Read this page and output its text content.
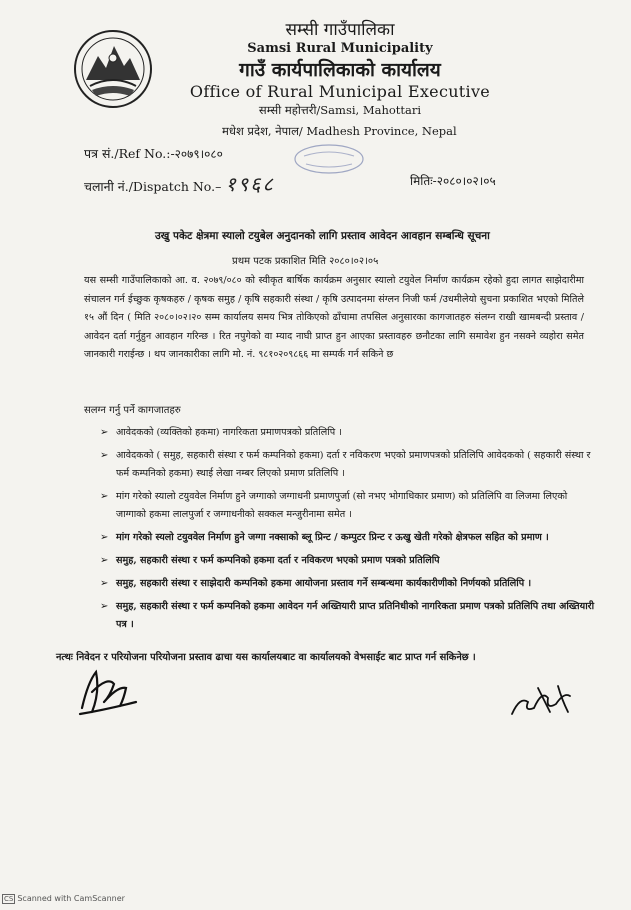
सम्सी गाउँपालिका
Samsi Rural Municipality
गाउँ कार्यपालिकाको कार्यालय
Office of Rural Municipal Executive
सम्सी महोत्तरी/Samsi, Mahottari
मधेश प्रदेश, नेपाल/ Madhesh Province, Nepal
पत्र सं./Ref No.:-२०७९।०८०
चलानी नं./Dispatch No.– १९६८	मितिः-२०८०।०२।०५
उखु पकेट क्षेत्रमा स्यालो टयुबेल अनुदानको लागि प्रस्ताव आवेदन आवहान सम्बन्धि सूचना
प्रथम पटक प्रकाशित मिति २०८०।०२।०५
यस सम्सी गाउँपालिकाको आ. व. २०७९/०८० को स्वीकृत बार्षिक कार्यक्रम अनुसार स्यालो टयुवेल निर्माण कार्यक्रम रहेको हुदा लागत साझेदारीमा संचालन गर्न ईच्छुक कृषकहरु / कृषक समुह / कृषि सहकारी संस्था / कृषि उत्पादनमा संग्लन निजी फर्म /उधमीलेयो सुचना प्रकाशित भएको मितिले १५ औं दिन ( मिति २०८०।०२।२० सम्म कार्यालय समय भित्र तोकिएको ढाँचामा तपसिल अनुसारका कागजातहरु संलग्न राखी खामबन्दी प्रस्ताव / आवेदन दर्ता गर्नुहुन आवहान गरिन्छ । रित नपुगेको वा म्याद नाघी प्राप्त हुन आएका प्रस्तावहरु छनौटका लागि समावेश हुन नसक्ने व्यहोरा समेत जानकारी गराईन्छ । थप जानकारीका लागि मो. नं. ९८१०२०९८६६ मा सम्पर्क गर्न सकिने छ
सलग्न गर्नु पर्ने कागजातहरु
➢ आवेदकको (व्यक्तिको हकमा) नागरिकता प्रमाणपत्रको प्रतिलिपि ।
➢ आवेदकको ( समुह, सहकारी संस्था र फर्म कम्पनिको हकमा) दर्ता र नविकरण भएको प्रमाणपत्रको प्रतिलिपि आवेदकको ( सहकारी संस्था र फर्म कम्पनिको हकमा) स्थाई लेखा नम्बर लिएको प्रमाण प्रतिलिपि ।
➢ मांग गरेको स्यालो टयुववेल निर्माण हुने जग्गाको जग्गाधनी प्रमाणपुर्जा (सो नभए भोगाधिकार प्रमाण) को प्रतिलिपि वा लिजमा लिएको जाग्गाको हकमा लालपुर्जा र जग्गाधनीको सक्कल मन्जुरीनामा समेत ।
➢ मांग गरेको स्यलो टयुववेल निर्माण हुने जग्गा नक्साको ब्लू प्रिन्ट / कम्पुटर प्रिन्ट र ऊखु खेती गरेको क्षेत्रफल सहित को प्रमाण ।
➢ समुह, सहकारी संस्था र फर्म कम्पनिको हकमा दर्ता र नविकरण भएको प्रमाण पत्रको प्रतिलिपि
➢ समुह, सहकारी संस्था र साझेदारी कम्पनिको हकमा आयोजना प्रस्ताव गर्ने सम्बन्धमा कार्यकारीणीको निर्णयको प्रतिलिपि ।
➢ समुह, सहकारी संस्था र फर्म कम्पनिको हकमा आवेदन गर्न अख्तियारी प्राप्त प्रतिनिधीको नागरिकता प्रमाण पत्रको प्रतिलिपि तथा अख्तियारी पत्र ।
नत्थः निवेदन र परियोजना परियोजना प्रस्ताव ढाचा यस कार्यालयबाट वा कार्यालयको वेभसाईट बाट प्राप्त गर्न सकिनेछ ।
CS Scanned with CamScanner
